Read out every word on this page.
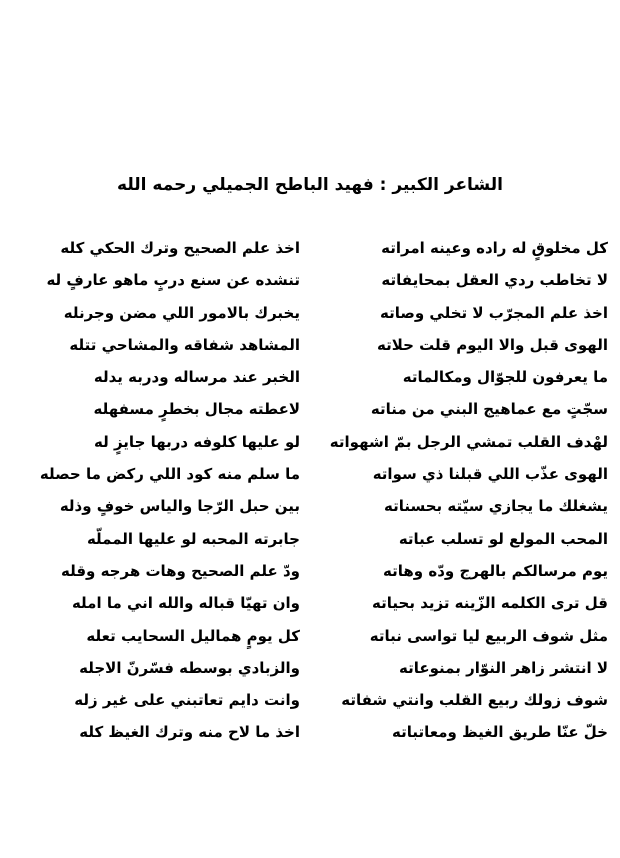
الشاعر الكبير : فهيد الباطح الجميلي رحمه الله
كل مخلوقٍ له راده وعينه امراته
اخذ علم الصحيح وترك الحكي كله
لا تخاطب ردي العقل بمحايفاته
تنشده عن سنع دربٍ ماهو عارفٍ له
اخذ علم المجرّب لا تخلي وصاته
يخبرك بالامور اللي مضن وجرنله
الهوى قبل والا اليوم قلت حلاته
المشاهد شفاقه والمشاحي تتله
ما يعرفون للجوّال ومكالماته
الخبر عند مرساله ودربه يدله
سجّتٍ مع عماهيج البني من مناته
لاعطته مجال بخطرٍ مسفهله
لهْدف القلب تمشي الرجل بمّ اشهواته
لو عليها كلوفه دربها جايزٍ له
الهوى عذّب اللي قبلنا ذي سواته
ما سلم منه كود اللي ركض ما حصله
يشغلك ما يجازي سيّته بحسناته
بين حبل الرّجا والياس خوفٍ وذله
المحب المولع لو تسلب عباته
جابرته المحبه لو عليها المملّه
يوم مرسالكم بالهرج ودّه وهاته
ودّ علم الصحيح وهات هرجه وقله
قل ترى الكلمه الزّينه تزيد بحياته
وان تهيّا قباله والله اني ما امله
مثل شوف الربيع ليا تواسى نباته
كل يومٍ هماليل السحايب تعله
لا انتشر زاهر النوّار بمنوعاته
والزبادي بوسطه فسّرنّ الاجله
شوف زولك ربيع القلب وانتي شفاته
وانت دايم تعاتبني على غير زله
خلّ عنّا طريق الغيظ ومعاتباته
اخذ ما لاح منه وترك الغيظ كله
